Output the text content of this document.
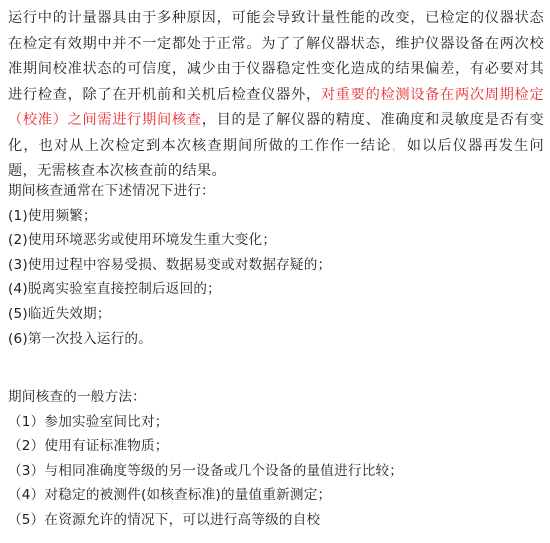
运行中的计量器具由于多种原因，可能会导致计量性能的改变，已检定的仪器状态在检定有效期中并不一定都处于正常。为了了解仪器状态，维护仪器设备在两次校准期间校准状态的可信度，减少由于仪器稳定性变化造成的结果偏差，有必要对其进行检查，除了在开机前和关机后检查仪器外，对重要的检测设备在两次周期检定（校准）之间需进行期间核查，目的是了解仪器的精度、准确度和灵敏度是否有变化，也对从上次检定到本次核查期间所做的工作作一结论，如以后仪器再发生问题，无需核查本次核查前的结果。

期间核查通常在下述情况下进行：

(1)使用频繁；

(2)使用环境恶劣或使用环境发生重大变化；

(3)使用过程中容易受损、数据易变或对数据存疑的；

(4)脱离实验室直接控制后返回的；

(5)临近失效期；

(6)第一次投入运行的。

期间核查的一般方法：

（1）参加实验室间比对；

（2）使用有证标准物质；

（3）与相同准确度等级的另一设备或几个设备的量值进行比较；

（4）对稳定的被测件(如核查标准)的量值重新测定；

（5）在资源允许的情况下，可以进行高等级的自校
